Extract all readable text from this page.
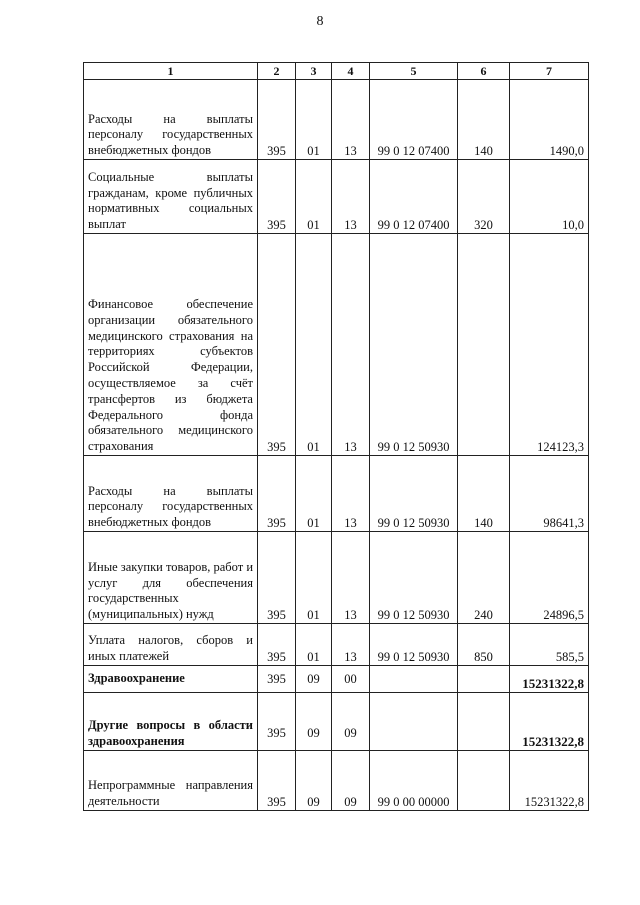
8
1	2	3	4	5	6	7
Расходы на выплаты персоналу государственных внебюджетных фондов	395	01	13	99 0 12 07400	140	1490,0
Социальные выплаты гражданам, кроме публичных нормативных социальных выплат	395	01	13	99 0 12 07400	320	10,0
Финансовое обеспечение организации обязательного медицинского страхования на территориях субъектов Российской Федерации, осуществляемое за счёт трансфертов из бюджета Федерального фонда обязательного медицинского страхования	395	01	13	99 0 12 50930		124123,3
Расходы на выплаты персоналу государственных внебюджетных фондов	395	01	13	99 0 12 50930	140	98641,3
Иные закупки товаров, работ и услуг для обеспечения государственных (муниципальных) нужд	395	01	13	99 0 12 50930	240	24896,5
Уплата налогов, сборов и иных платежей	395	01	13	99 0 12 50930	850	585,5
Здравоохранение	395	09	00			15231322,8
Другие вопросы в области здравоохранения	395	09	09			15231322,8
Непрограммные направления деятельности	395	09	09	99 0 00 00000		15231322,8
